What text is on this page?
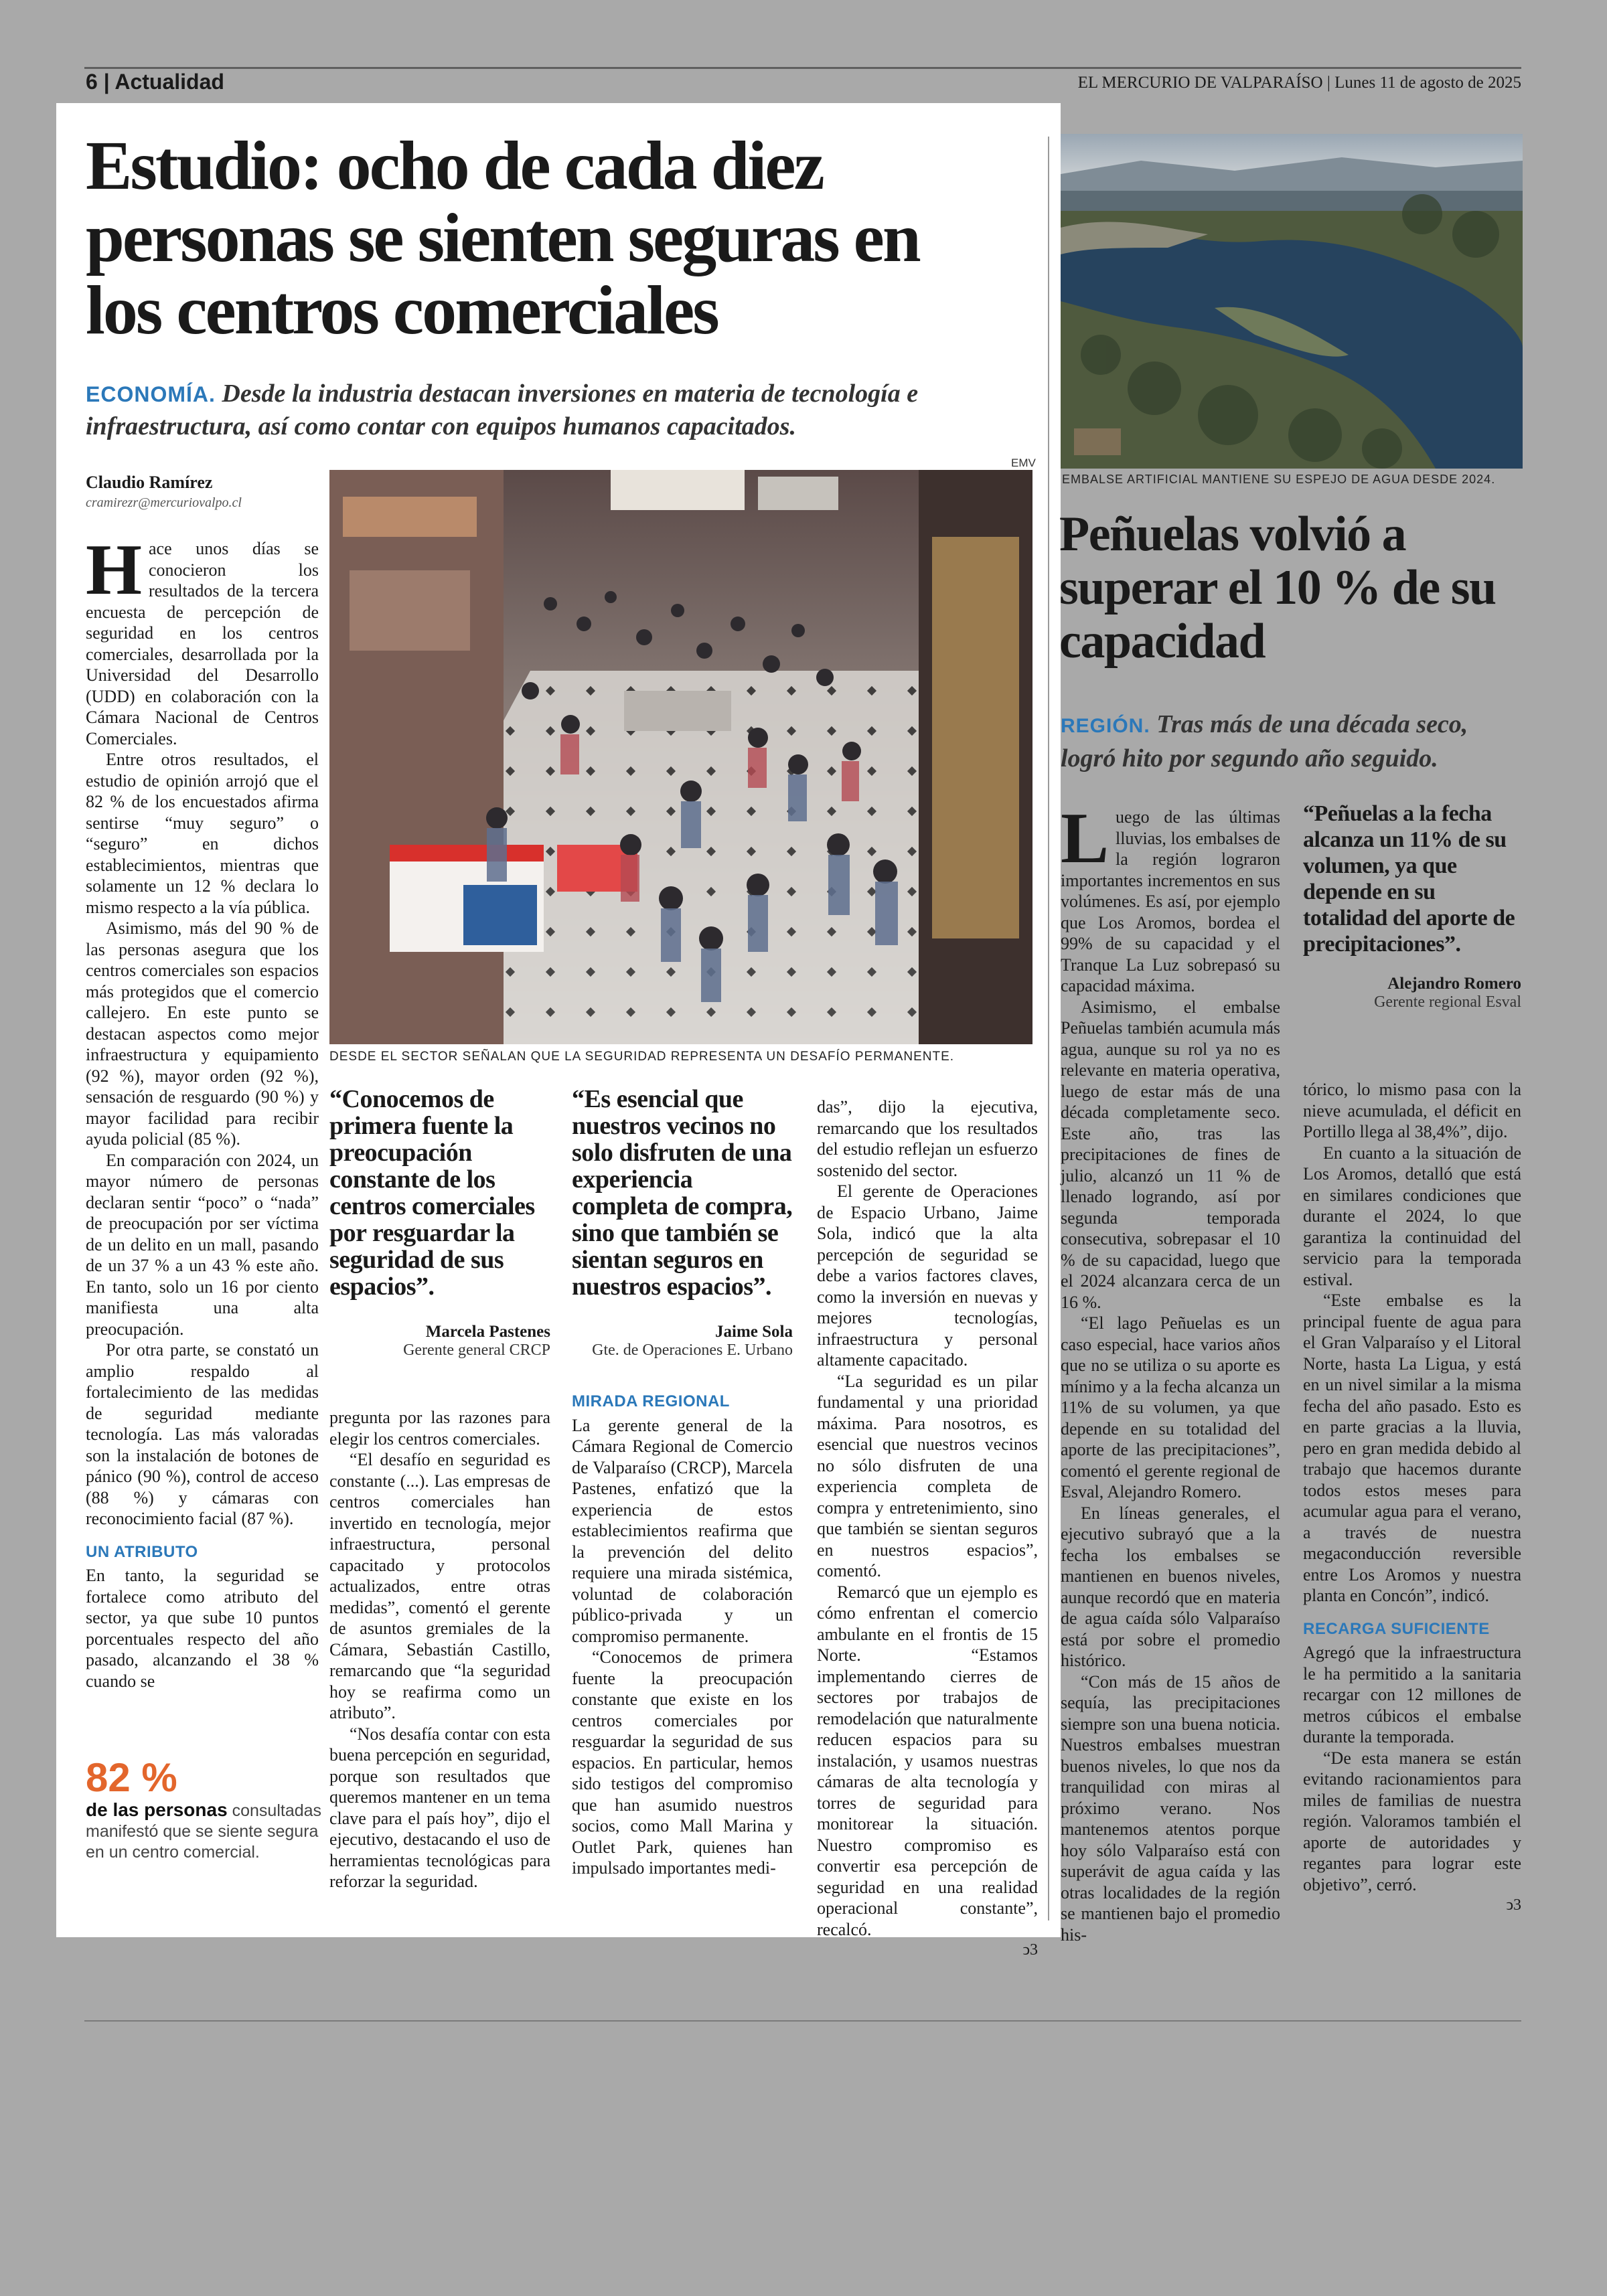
6 | Actualidad	EL MERCURIO DE VALPARAÍSO | Lunes 11 de agosto de 2025
Estudio: ocho de cada diez personas se sienten seguras en los centros comerciales
ECONOMÍA. Desde la industria destacan inversiones en materia de tecnología e infraestructura, así como contar con equipos humanos capacitados.
Claudio Ramírez
cramirezr@mercuriovalpo.cl
EMV
DESDE EL SECTOR SEÑALAN QUE LA SEGURIDAD REPRESENTA UN DESAFÍO PERMANENTE.
H ace unos días se conocieron los resultados de la tercera encuesta de percepción de seguridad en los centros comerciales, desarrollada por la Universidad del Desarrollo (UDD) en colaboración con la Cámara Nacional de Centros Comerciales.

Entre otros resultados, el estudio de opinión arrojó que el 82 % de los encuestados afirma sentirse “muy seguro” o “seguro” en dichos establecimientos, mientras que solamente un 12 % declara lo mismo respecto a la vía pública.

Asimismo, más del 90 % de las personas asegura que los centros comerciales son espacios más protegidos que el comercio callejero. En este punto se destacan aspectos como mejor infraestructura y equipamiento (92 %), mayor orden (92 %), sensación de resguardo (90 %) y mayor facilidad para recibir ayuda policial (85 %).

En comparación con 2024, un mayor número de personas declaran sentir “poco” o “nada” de preocupación por ser víctima de un delito en un mall, pasando de un 37 % a un 43 % este año. En tanto, solo un 16 por ciento manifiesta una alta preocupación.

Por otra parte, se constató un amplio respaldo al fortalecimiento de las medidas de seguridad mediante tecnología. Las más valoradas son la instalación de botones de pánico (90 %), control de acceso (88 %) y cámaras con reconocimiento facial (87 %).

UN ATRIBUTO

En tanto, la seguridad se fortalece como atributo del sector, ya que sube 10 puntos porcentuales respecto del año pasado, alcanzando el 38 % cuando se

82 %
de las personas consultadas manifestó que se siente segura en un centro comercial.
“Conocemos de primera fuente la preocupación constante de los centros comerciales por resguardar la seguridad de sus espacios”.
Marcela Pastenes
Gerente general CRCP
“Es esencial que nuestros vecinos no solo disfruten de una experiencia completa de compra, sino que también se sientan seguros en nuestros espacios”.
Jaime Sola
Gte. de Operaciones E. Urbano

pregunta por las razones para elegir los centros comerciales.

“El desafío en seguridad es constante (...). Las empresas de centros comerciales han invertido en tecnología, mejor infraestructura, personal capacitado y protocolos actualizados, entre otras medidas”, comentó el gerente de asuntos gremiales de la Cámara, Sebastián Castillo, remarcando que “la seguridad hoy se reafirma como un atributo”.

“Nos desafía contar con esta buena percepción en seguridad, porque son resultados que queremos mantener en un tema clave para el país hoy”, dijo el ejecutivo, destacando el uso de herramientas tecnológicas para reforzar la seguridad.

MIRADA REGIONAL

La gerente general de la Cámara Regional de Comercio de Valparaíso (CRCP), Marcela Pastenes, enfatizó que la experiencia de estos establecimientos reafirma que la prevención del delito requiere una mirada sistémica, voluntad de colaboración público-privada y un compromiso permanente.

“Conocemos de primera fuente la preocupación constante que existe en los centros comerciales por resguardar la seguridad de sus espacios. En particular, hemos sido testigos del compromiso que han asumido nuestros socios, como Mall Marina y Outlet Park, quienes han impulsado importantes medi-

das”, dijo la ejecutiva, remarcando que los resultados del estudio reflejan un esfuerzo sostenido del sector.

El gerente de Operaciones de Espacio Urbano, Jaime Sola, indicó que la alta percepción de seguridad se debe a varios factores claves, como la inversión en nuevas y mejores tecnologías, infraestructura y personal altamente capacitado.

“La seguridad es un pilar fundamental y una prioridad máxima. Para nosotros, es esencial que nuestros vecinos no sólo disfruten de una experiencia completa de compra y entretenimiento, sino que también se sientan seguros en nuestros espacios”, comentó.

Remarcó que un ejemplo es cómo enfrentan el comercio ambulante en el frontis de 15 Norte. “Estamos implementando cierres de sectores por trabajos de remodelación que naturalmente reducen espacios para su instalación, y usamos nuestras cámaras de alta tecnología y torres de seguridad para monitorear la situación. Nuestro compromiso es convertir esa percepción de seguridad en una realidad operacional constante”, recalcó.

ↄ3
EMBALSE ARTIFICIAL MANTIENE SU ESPEJO DE AGUA DESDE 2024.
Peñuelas volvió a superar el 10 % de su capacidad
REGIÓN. Tras más de una década seco, logró hito por segundo año seguido.
L uego de las últimas lluvias, los embalses de la región lograron importantes incrementos en sus volúmenes. Es así, por ejemplo que Los Aromos, bordea el 99% de su capacidad y el Tranque La Luz sobrepasó su capacidad máxima.

Asimismo, el embalse Peñuelas también acumula más agua, aunque su rol ya no es relevante en materia operativa, luego de estar más de una década completamente seco. Este año, tras las precipitaciones de fines de julio, alcanzó un 11 % de llenado logrando, así por segunda temporada consecutiva, sobrepasar el 10 % de su capacidad, luego que el 2024 alcanzara cerca de un 16 %.

“El lago Peñuelas es un caso especial, hace varios años que no se utiliza o su aporte es mínimo y a la fecha alcanza un 11% de su volumen, ya que depende en su totalidad del aporte de las precipitaciones”, comentó el gerente regional de Esval, Alejandro Romero.

En líneas generales, el ejecutivo subrayó que a la fecha los embalses se mantienen en buenos niveles, aunque recordó que en materia de agua caída sólo Valparaíso está por sobre el promedio histórico.

“Con más de 15 años de sequía, las precipitaciones siempre son una buena noticia. Nuestros embalses muestran buenos niveles, lo que nos da tranquilidad con miras al próximo verano. Nos mantenemos atentos porque hoy sólo Valparaíso está con superávit de agua caída y las otras localidades de la región se mantienen bajo el promedio his-

“Peñuelas a la fecha alcanza un 11% de su volumen, ya que depende en su totalidad del aporte de precipitaciones”.
Alejandro Romero
Gerente regional Esval

tórico, lo mismo pasa con la nieve acumulada, el déficit en Portillo llega al 38,4%”, dijo.

En cuanto a la situación de Los Aromos, detalló que está en similares condiciones que durante el 2024, lo que garantiza la continuidad del servicio para la temporada estival.

“Este embalse es la principal fuente de agua para el Gran Valparaíso y el Litoral Norte, hasta La Ligua, y está en un nivel similar a la misma fecha del año pasado. Esto es en parte gracias a la lluvia, pero en gran medida debido al trabajo que hacemos durante todos estos meses para acumular agua para el verano, a través de nuestra megaconducción reversible entre Los Aromos y nuestra planta en Concón”, indicó.

RECARGA SUFICIENTE

Agregó que la infraestructura le ha permitido a la sanitaria recargar con 12 millones de metros cúbicos el embalse durante la temporada.

“De esta manera se están evitando racionamientos para miles de familias de nuestra región. Valoramos también el aporte de autoridades y regantes para lograr este objetivo”, cerró.

ↄ3
